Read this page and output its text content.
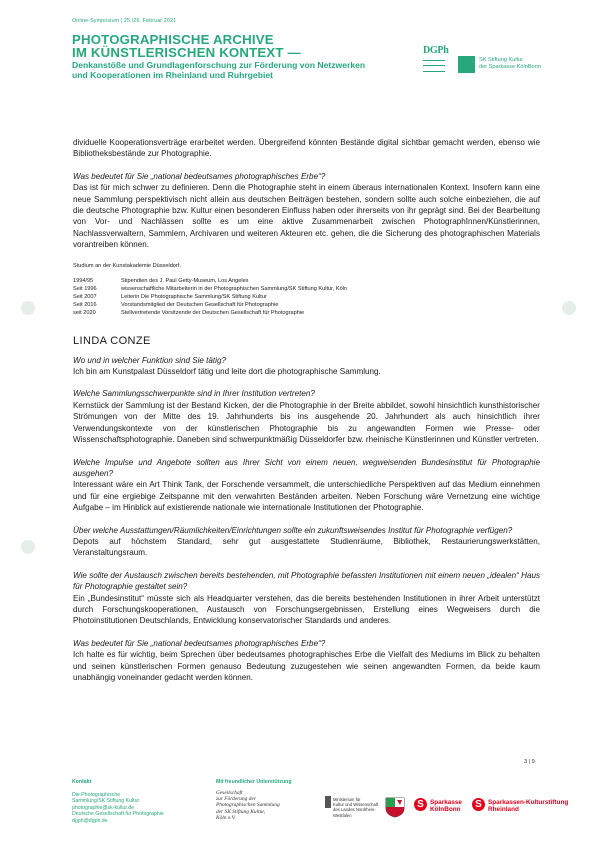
Online-Symposium | 25./26. Februar 2021
PHOTOGRAPHISCHE ARCHIVE
IM KÜNSTLERISCHEN KONTEXT —
Denkanstöße und Grundlagenforschung zur Förderung von Netzwerken
und Kooperationen im Rheinland und Ruhrgebiet
DGPh
SK Stiftung Kultur
der Sparkasse KölnBonn

dividuelle Kooperationsverträge erarbeitet werden. Übergreifend könnten Bestände digital sichtbar gemacht werden, ebenso wie Bibliotheksbestände zur Photographie.

Was bedeutet für Sie „national bedeutsames photographisches Erbe“?

Das ist für mich schwer zu definieren. Denn die Photographie steht in einem überaus internationalen Kontext. Insofern kann eine neue Sammlung perspektivisch nicht allein aus deutschen Beiträgen bestehen, sondern sollte auch solche einbeziehen, die auf die deutsche Photographie bzw. Kultur einen besonderen Einfluss haben oder ihrerseits von ihr geprägt sind. Bei der Bearbeitung von Vor- und Nachlässen sollte es um eine aktive Zusammenarbeit zwischen PhotographInnen/Künstlerinnen, Nachlassverwaltern, Sammlern, Archivaren und weiteren Akteuren etc. gehen, die die Sicherung des photographischen Materials vorantreiben können.

Studium an der Kunstakademie Düsseldorf,

1994/95	Stipendien des J. Paul Getty-Museum, Los Angeles
Seit 1996	wissenschaftliche Mitarbeiterin in der Photographischen Sammlung/SK Stiftung Kultur, Köln
Seit 2007	Leiterin Die Photographische Sammlung/SK Stiftung Kultur
Seit 2016	Vorstandsmitglied der Deutschen Gesellschaft für Photographie
seit 2020	Stellvertretende Vorsitzende der Deutschen Gesellschaft für Photographie
LINDA CONZE

Wo und in welcher Funktion sind Sie tätig?

Ich bin am Kunstpalast Düsseldorf tätig und leite dort die photographische Sammlung.

Welche Sammlungsschwerpunkte sind in Ihrer Institution vertreten?

Kernstück der Sammlung ist der Bestand Kicken, der die Photographie in der Breite abbildet, sowohl hinsichtlich kunsthistorischer Strömungen von der Mitte des 19. Jahrhunderts bis ins ausgehende 20. Jahrhundert als auch hinsichtlich ihrer Verwendungskontexte von der künstlerischen Photographie bis zu angewandten Formen wie Presse- oder Wissenschaftsphotographie. Daneben sind schwerpunktmäßig Düsseldorfer bzw. rheinische Künstlerinnen und Künstler vertreten.

Welche Impulse und Angebote sollten aus Ihrer Sicht von einem neuen, wegweisenden Bundesinstitut für Photographie ausgehen?

Interessant wäre ein Art Think Tank, der Forschende versammelt, die unterschiedliche Perspektiven auf das Medium einnehmen und für eine ergiebige Zeitspanne mit den verwahrten Beständen arbeiten. Neben Forschung wäre Vernetzung eine wichtige Aufgabe – im Hinblick auf existierende nationale wie internationale Institutionen der Photographie.

Über welche Ausstattungen/Räumlichkeiten/Einrichtungen sollte ein zukunftsweisendes Institut für Photographie verfügen?

Depots auf höchstem Standard, sehr gut ausgestattete Studienräume, Bibliothek, Restaurierungswerkstätten, Veranstaltungsraum.

Wie sollte der Austausch zwischen bereits bestehenden, mit Photographie befassten Institutionen mit einem neuen „idealen“ Haus für Photographie gestaltet sein?

Ein „Bundesinstitut“ müsste sich als Headquarter verstehen, das die bereits bestehenden Institutionen in ihrer Arbeit unterstützt durch Forschungskooperationen, Austausch von Forschungsergebnissen, Erstellung eines Wegweisers durch die Photoinstitutionen Deutschlands, Entwicklung konservatorischer Standards und anderes.

Was bedeutet für Sie „national bedeutsames photographisches Erbe“?

Ich halte es für wichtig, beim Sprechen über bedeutsames photographisches Erbe die Vielfalt des Mediums im Blick zu behalten und seinen künstlerischen Formen genauso Bedeutung zuzugestehen wie seinen angewandten Formen, da beide kaum unabhängig voneinander gedacht werden können.

3 | 9
Kontakt
Die Photographische
Sammlung/SK Stiftung Kultur
photographie@sk-kultur.de
Deutsche Gesellschaft für Photographie
dgph@dgph.de
Mit freundlicher Unterstützung
Gesellschaft
zur Förderung der
Photographischen Sammlung
der SK Stiftung Kultur,
Köln e.V.
Ministerium für
Kultur und Wissenschaft
des Landes Nordrhein-Westfalen
S Sparkasse
KölnBonn	S Sparkassen-Kulturstiftung
Rheinland
